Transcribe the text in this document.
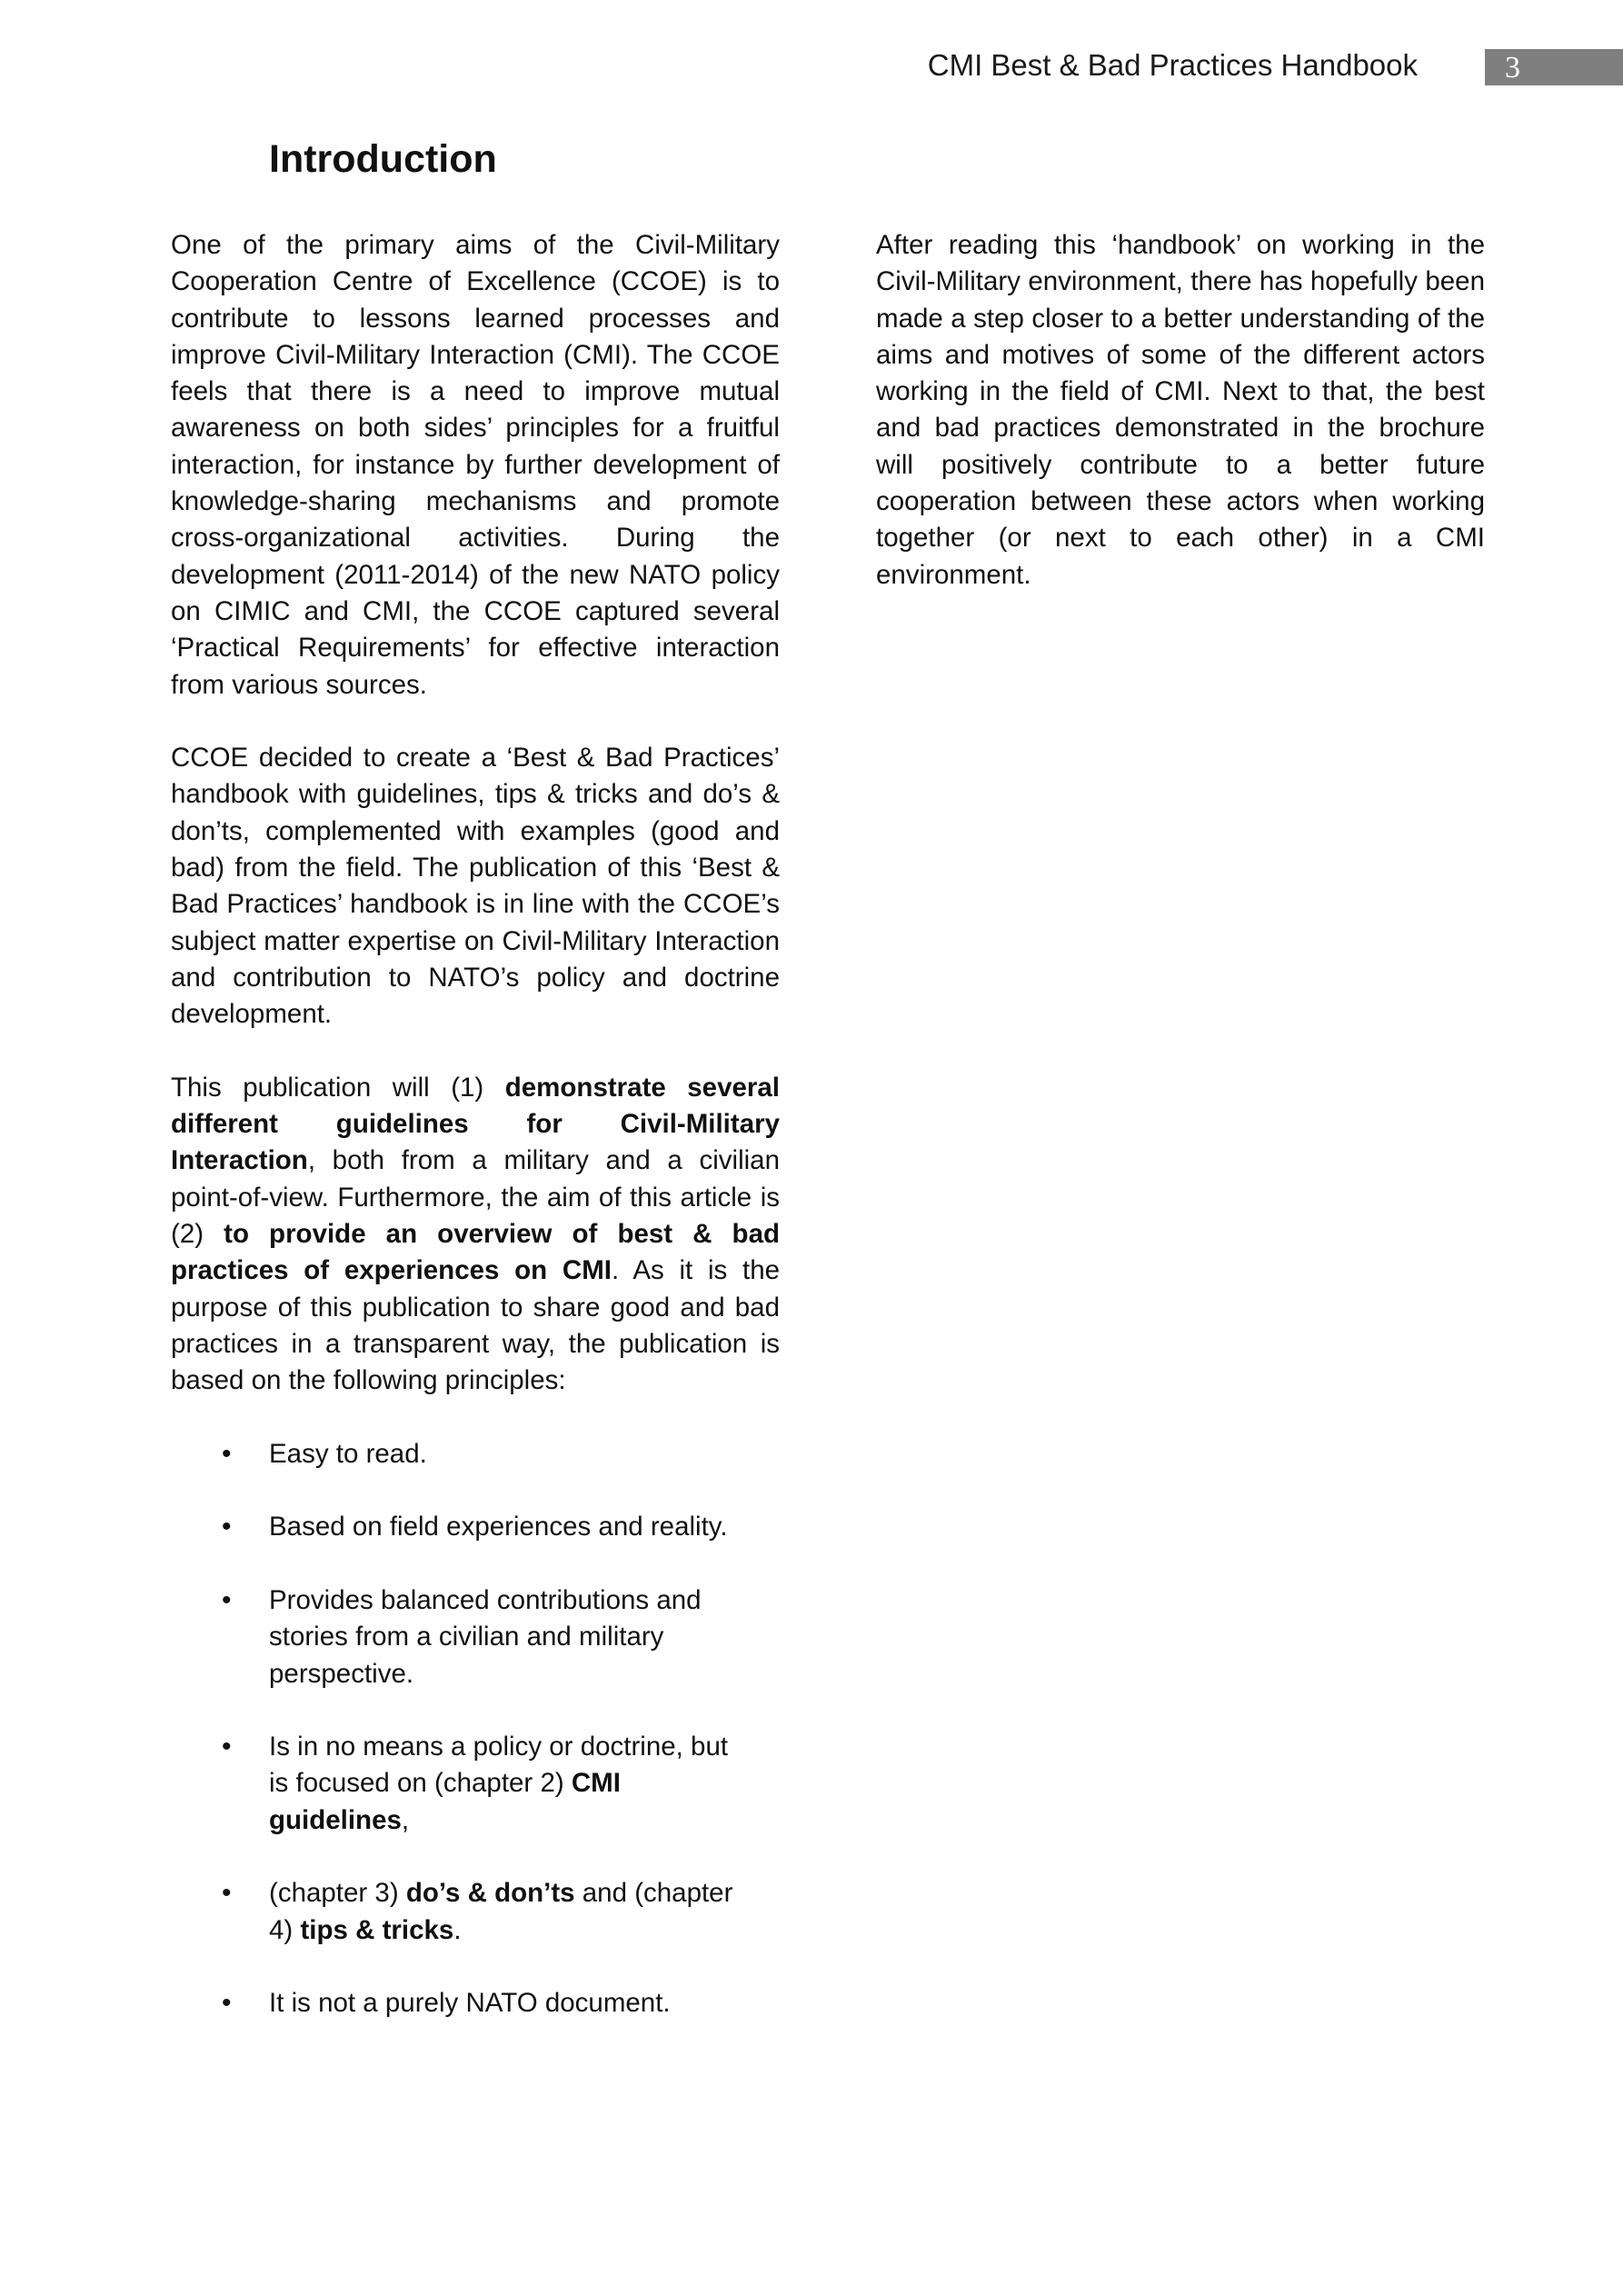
CMI Best & Bad Practices Handbook	3
Introduction

One of the primary aims of the Civil-Military Cooperation Centre of Excellence (CCOE) is to contribute to lessons learned processes and improve Civil-Military Interaction (CMI). The CCOE feels that there is a need to improve mutual awareness on both sides’ principles for a fruitful interaction, for instance by further development of knowledge-sharing mechanisms and promote cross-organizational activities. During the development (2011-2014) of the new NATO policy on CIMIC and CMI, the CCOE captured several ‘Practical Requirements’ for effective interaction from various sources.

CCOE decided to create a ‘Best & Bad Practices’ handbook with guidelines, tips & tricks and do’s & don’ts, complemented with examples (good and bad) from the field. The publication of this ‘Best & Bad Practices’ handbook is in line with the CCOE’s subject matter expertise on Civil-Military Interaction and contribution to NATO’s policy and doctrine development.

This publication will (1) demonstrate several different guidelines for Civil-Military Interaction, both from a military and a civilian point-of-view. Furthermore, the aim of this article is (2) to provide an overview of best & bad practices of experiences on CMI. As it is the purpose of this publication to share good and bad practices in a transparent way, the publication is based on the following principles:

• Easy to read.
• Based on field experiences and reality.
• Provides balanced contributions and stories from a civilian and military perspective.
• Is in no means a policy or doctrine, but is focused on (chapter 2) CMI guidelines,
• (chapter 3) do’s & don’ts and (chapter 4) tips & tricks.
• It is not a purely NATO document.

After reading this ‘handbook’ on working in the Civil-Military environment, there has hopefully been made a step closer to a better understanding of the aims and motives of some of the different actors working in the field of CMI. Next to that, the best and bad practices demonstrated in the brochure will positively contribute to a better future cooperation between these actors when working together (or next to each other) in a CMI environment.
